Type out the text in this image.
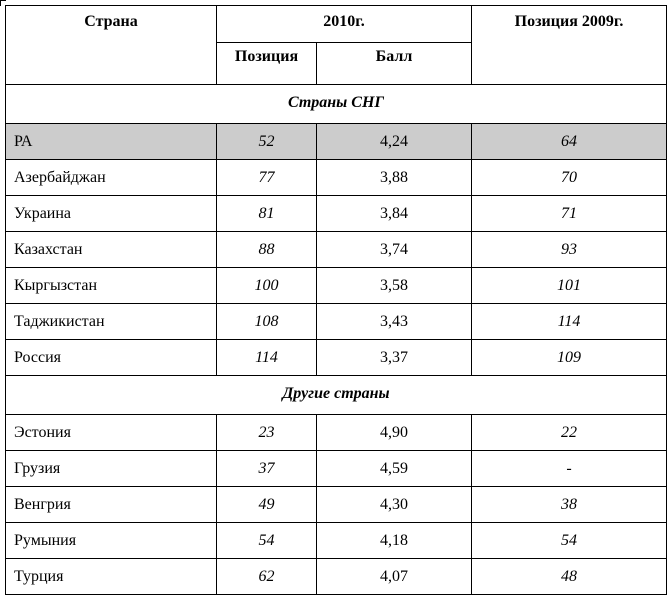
Страна	2010г.		Позиция 2009г.
	Позиция	Балл	
Страны СНГ			
РА	52	4,24	64
Азербайджан	77	3,88	70
Украина	81	3,84	71
Казахстан	88	3,74	93
Кыргызстан	100	3,58	101
Таджикистан	108	3,43	114
Россия	114	3,37	109
Другие страны			
Эстония	23	4,90	22
Грузия	37	4,59	-
Венгрия	49	4,30	38
Румыния	54	4,18	54
Турция	62	4,07	48
